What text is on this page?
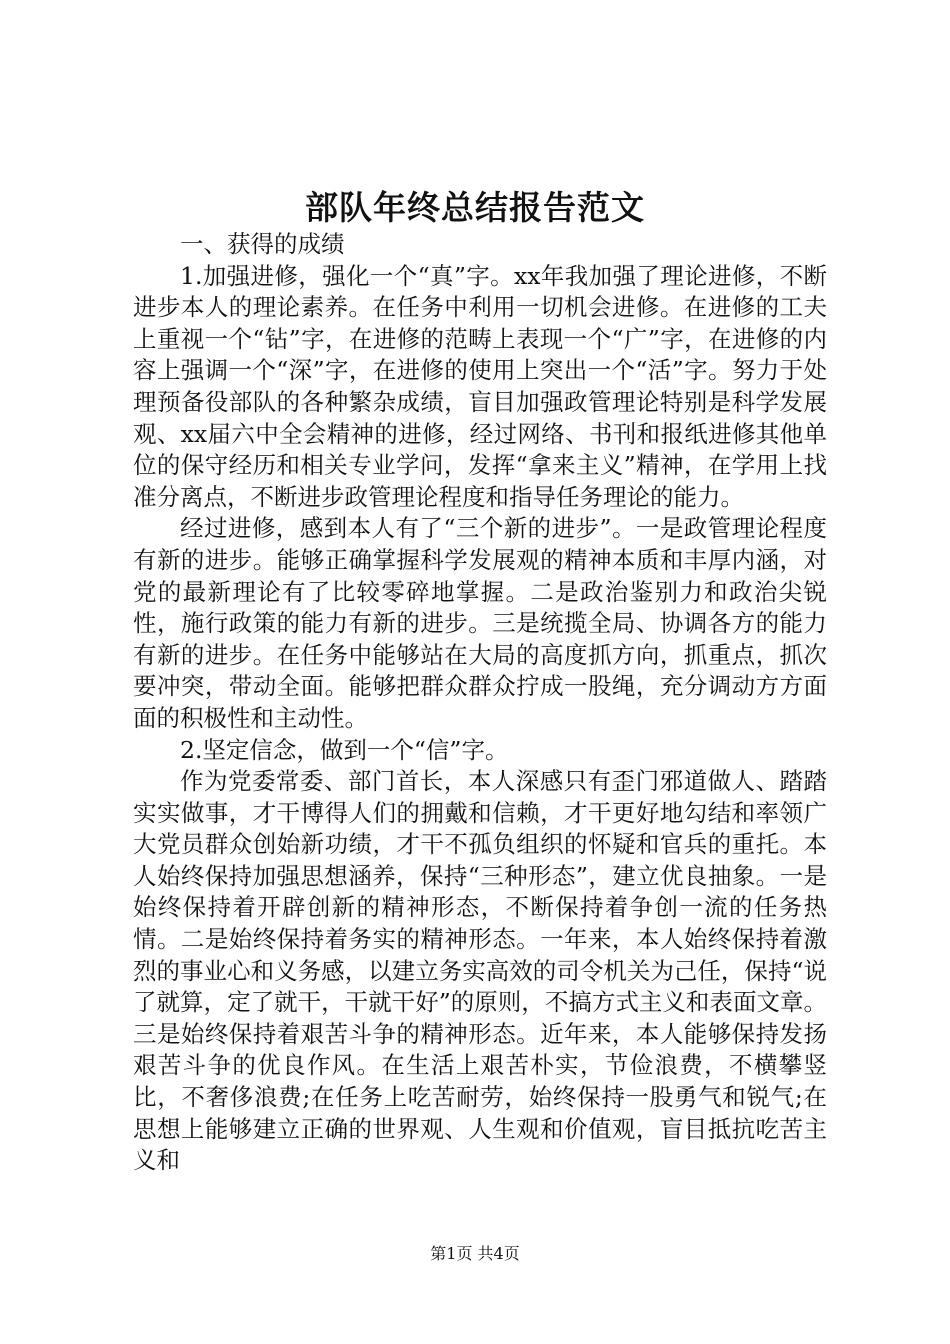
部队年终总结报告范文

一、获得的成绩

1.加强进修，强化一个“真”字。xx年我加强了理论进修，不断进步本人的理论素养。在任务中利用一切机会进修。在进修的工夫上重视一个“钻”字，在进修的范畴上表现一个“广”字，在进修的内容上强调一个“深”字，在进修的使用上突出一个“活”字。努力于处理预备役部队的各种繁杂成绩，盲目加强政管理论特别是科学发展观、xx届六中全会精神的进修，经过网络、书刊和报纸进修其他单位的保守经历和相关专业学问，发挥“拿来主义”精神，在学用上找准分离点，不断进步政管理论程度和指导任务理论的能力。

经过进修，感到本人有了“三个新的进步”。一是政管理论程度有新的进步。能够正确掌握科学发展观的精神本质和丰厚内涵，对党的最新理论有了比较零碎地掌握。二是政治鉴别力和政治尖锐性，施行政策的能力有新的进步。三是统揽全局、协调各方的能力有新的进步。在任务中能够站在大局的高度抓方向，抓重点，抓次要冲突，带动全面。能够把群众群众拧成一股绳，充分调动方方面面的积极性和主动性。

2.坚定信念，做到一个“信”字。

作为党委常委、部门首长，本人深感只有歪门邪道做人、踏踏实实做事，才干博得人们的拥戴和信赖，才干更好地勾结和率领广大党员群众创始新功绩，才干不孤负组织的怀疑和官兵的重托。本人始终保持加强思想涵养，保持“三种形态”，建立优良抽象。一是始终保持着开辟创新的精神形态，不断保持着争创一流的任务热情。二是始终保持着务实的精神形态。一年来，本人始终保持着激烈的事业心和义务感，以建立务实高效的司令机关为己任，保持“说了就算，定了就干，干就干好”的原则，不搞方式主义和表面文章。三是始终保持着艰苦斗争的精神形态。近年来，本人能够保持发扬艰苦斗争的优良作风。在生活上艰苦朴实，节俭浪费，不横攀竖比，不奢侈浪费;在任务上吃苦耐劳，始终保持一股勇气和锐气;在思想上能够建立正确的世界观、人生观和价值观，盲目抵抗吃苦主义和

第1页 共4页
